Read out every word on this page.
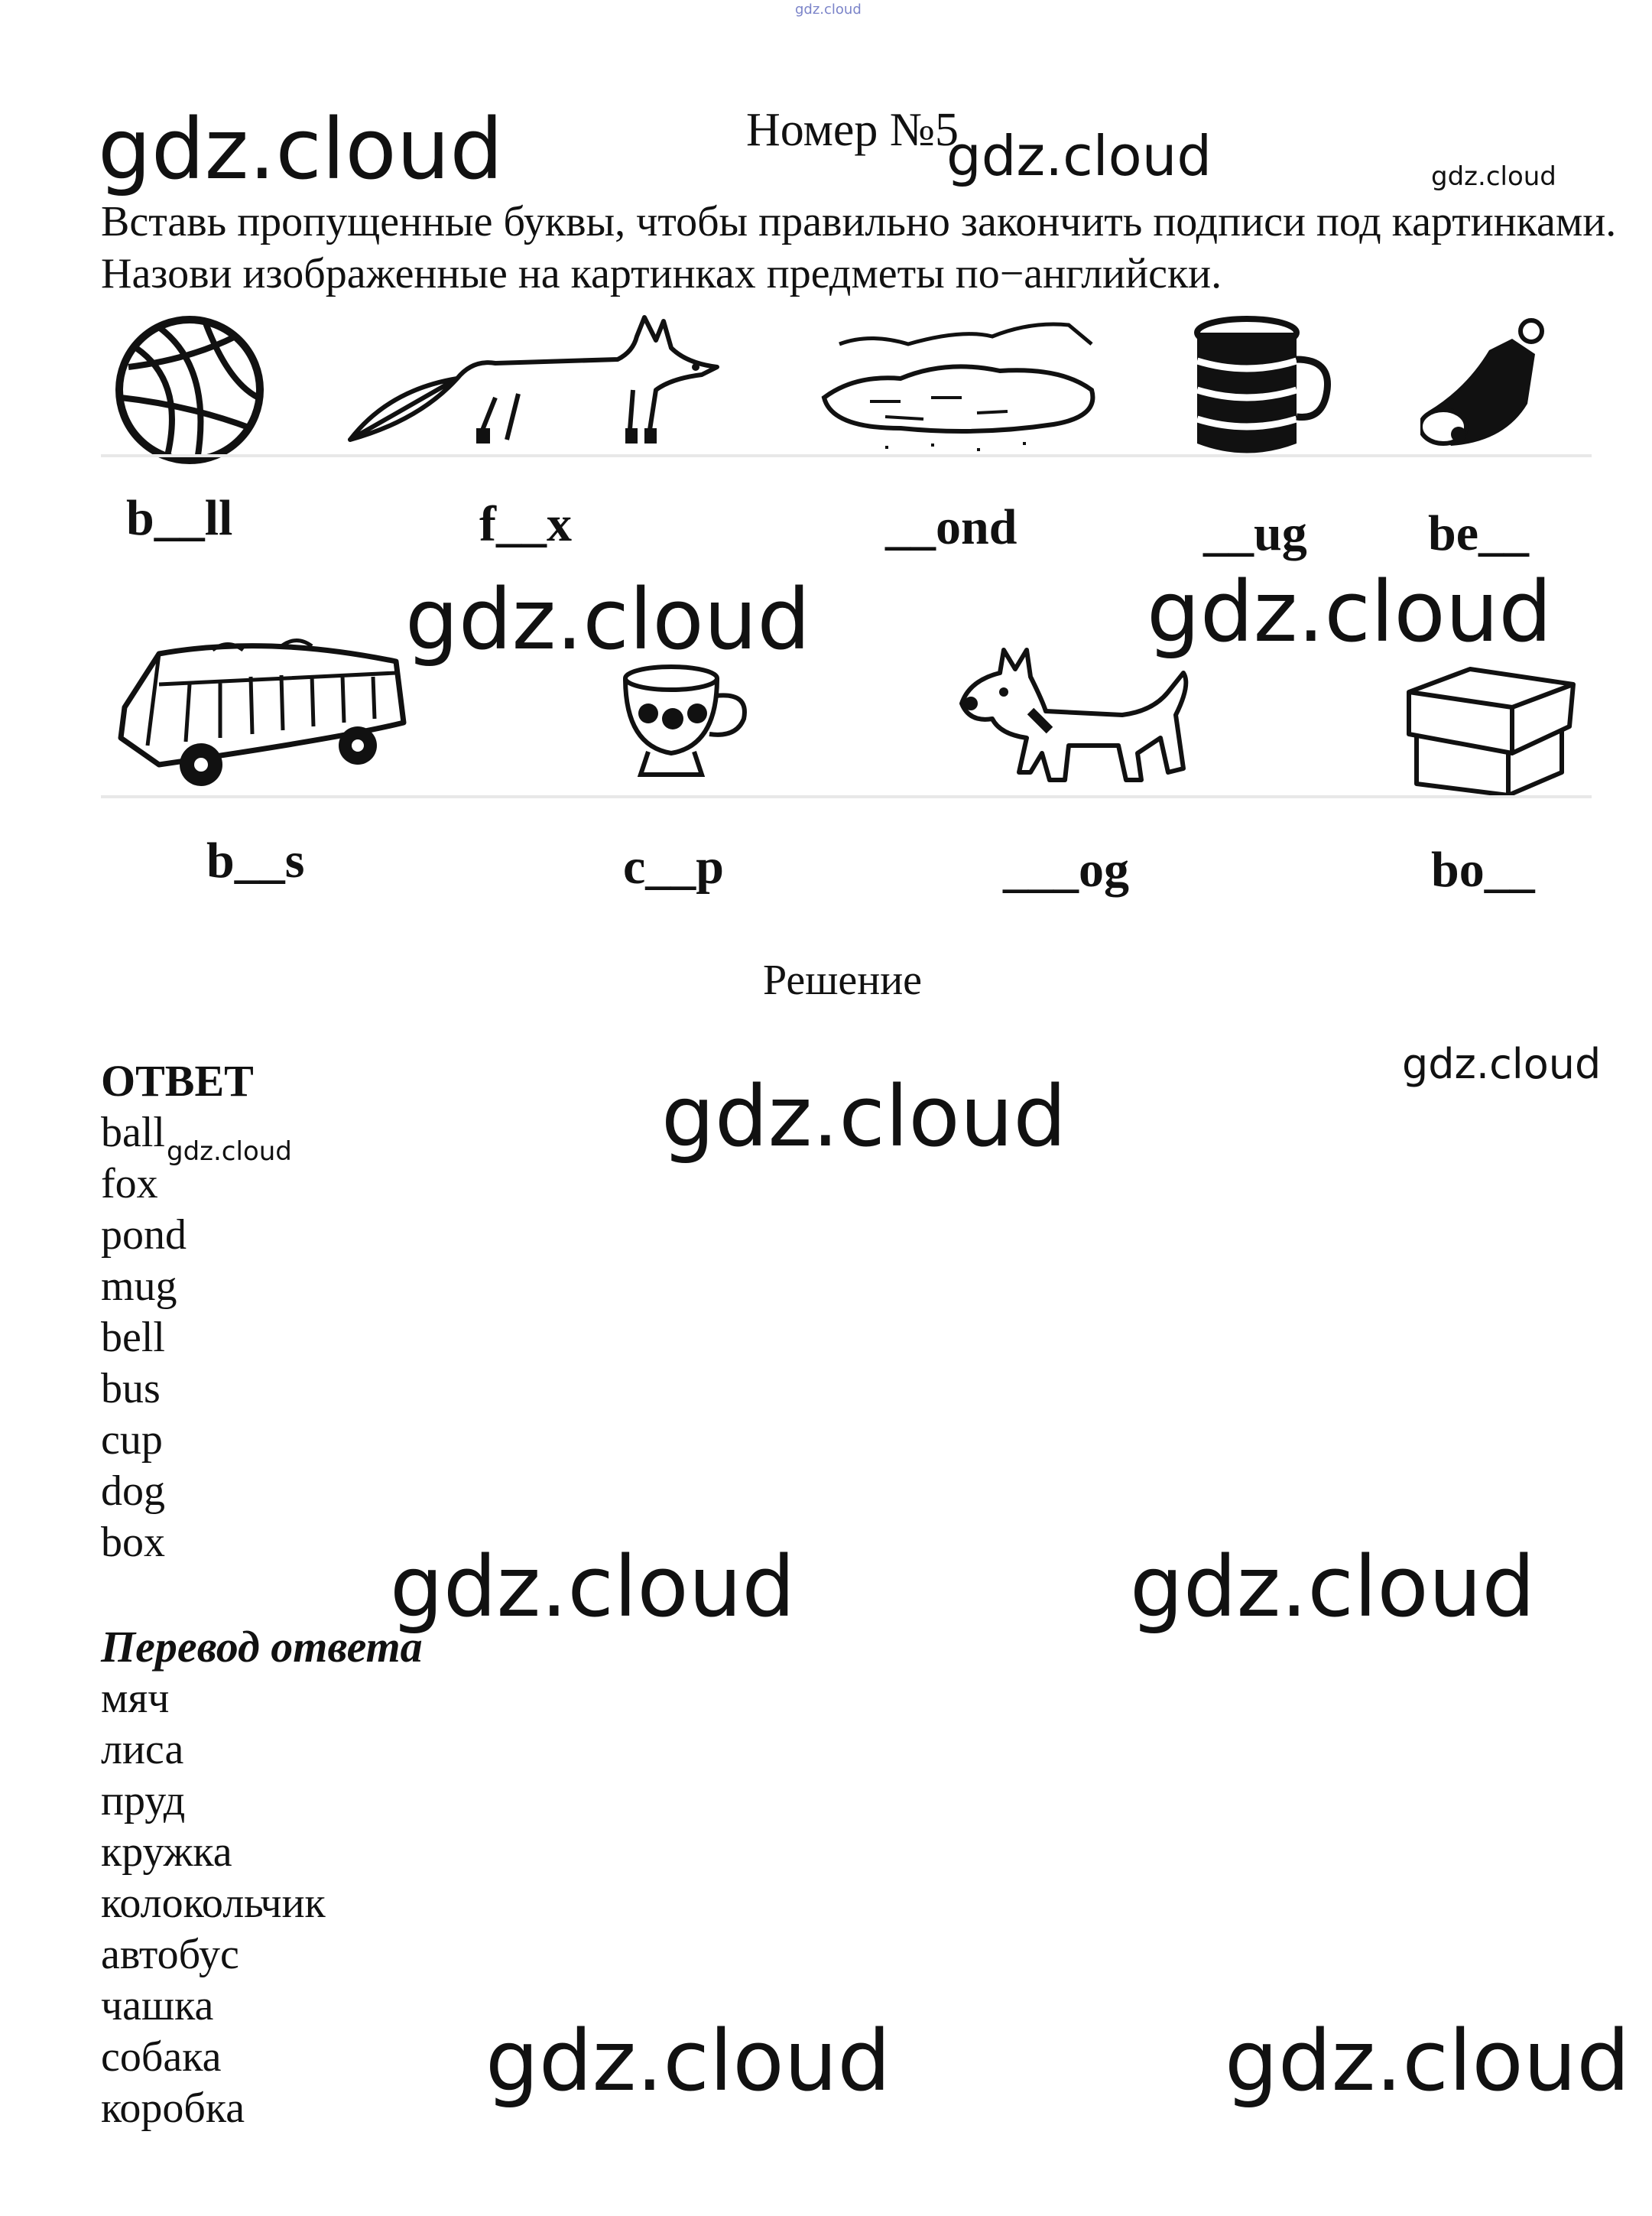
gdz.cloud
gdz.cloud	gdz.cloud	gdz.cloud
Номер №5
Вставь пропущенные буквы, чтобы правильно закончить подписи под картинками. Назови изображенные на картинках предметы по−английски.
b__ll	f__x	__ond	__ug be__
gdz.cloud	gdz.cloud
b__s	c__p	___og	bo__
Решение
gdz.cloud
gdz.cloud
ОТВЕТ
ball$_{gdz.cloud}$
fox
pond
mug
bell
bus
cup
dog
box	gdz.cloud	gdz.cloud
Перевод ответа
мяч
лиса
пруд
кружка
колокольчик
автобус
чашка
собака
коробка	gdz.cloud	gdz.cloud
